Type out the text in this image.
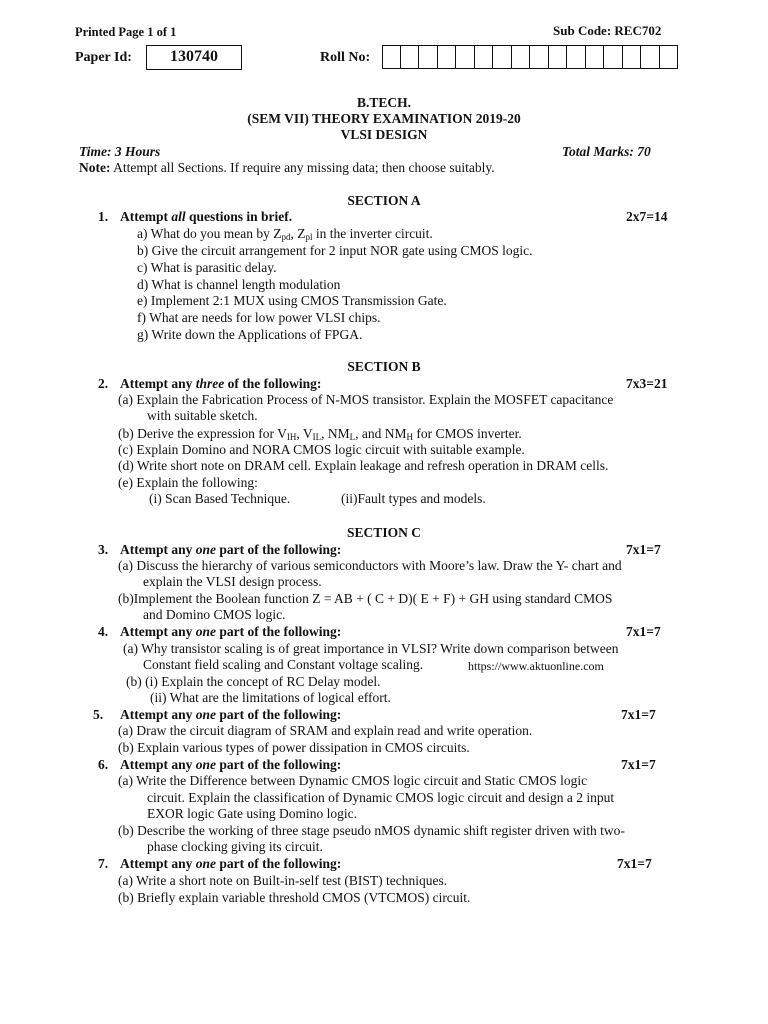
Printed Page 1 of 1	Sub Code: REC702
Paper Id:	130740	Roll No:
B.TECH.
(SEM VII) THEORY EXAMINATION 2019-20
VLSI DESIGN
Time: 3 Hours	Total Marks: 70
Note: Attempt all Sections. If require any missing data; then choose suitably.
SECTION A
1. Attempt all questions in brief.	2x7=14
a) What do you mean by $Z_{pd}$, $Z_{pl}$ in the inverter circuit.
b) Give the circuit arrangement for 2 input NOR gate using CMOS logic.
c) What is parasitic delay.
d) What is channel length modulation
e) Implement 2:1 MUX using CMOS Transmission Gate.
f) What are needs for low power VLSI chips.
g) Write down the Applications of FPGA.
SECTION B
2. Attempt any three of the following:	7x3=21
(a) Explain the Fabrication Process of N-MOS transistor. Explain the MOSFET capacitance
with suitable sketch.
(b) Derive the expression for $V_{IH}$, $V_{IL}$, $NM_L$, and $NM_H$ for CMOS inverter.
(c) Explain Domino and NORA CMOS logic circuit with suitable example.
(d) Write short note on DRAM cell. Explain leakage and refresh operation in DRAM cells.
(e) Explain the following:
(i) Scan Based Technique.	(ii)Fault types and models.
SECTION C
3. Attempt any one part of the following:	7x1=7
(a) Discuss the hierarchy of various semiconductors with Moore’s law. Draw the Y- chart and
explain the VLSI design process.
(b)Implement the Boolean function Z = AB + ( C + D)( E + F) + GH using standard CMOS
and Domino CMOS logic.
4. Attempt any one part of the following:	7x1=7
(a) Why transistor scaling is of great importance in VLSI? Write down comparison between
Constant field scaling and Constant voltage scaling.	https://www.aktuonline.com
(b) (i) Explain the concept of RC Delay model.
(ii) What are the limitations of logical effort.
5. Attempt any one part of the following:	7x1=7
(a) Draw the circuit diagram of SRAM and explain read and write operation.
(b) Explain various types of power dissipation in CMOS circuits.
6. Attempt any one part of the following:	7x1=7
(a) Write the Difference between Dynamic CMOS logic circuit and Static CMOS logic
circuit. Explain the classification of Dynamic CMOS logic circuit and design a 2 input
EXOR logic Gate using Domino logic.
(b) Describe the working of three stage pseudo nMOS dynamic shift register driven with two-
phase clocking giving its circuit.
7. Attempt any one part of the following:	7x1=7
(a) Write a short note on Built-in-self test (BIST) techniques.
(b) Briefly explain variable threshold CMOS (VTCMOS) circuit.
